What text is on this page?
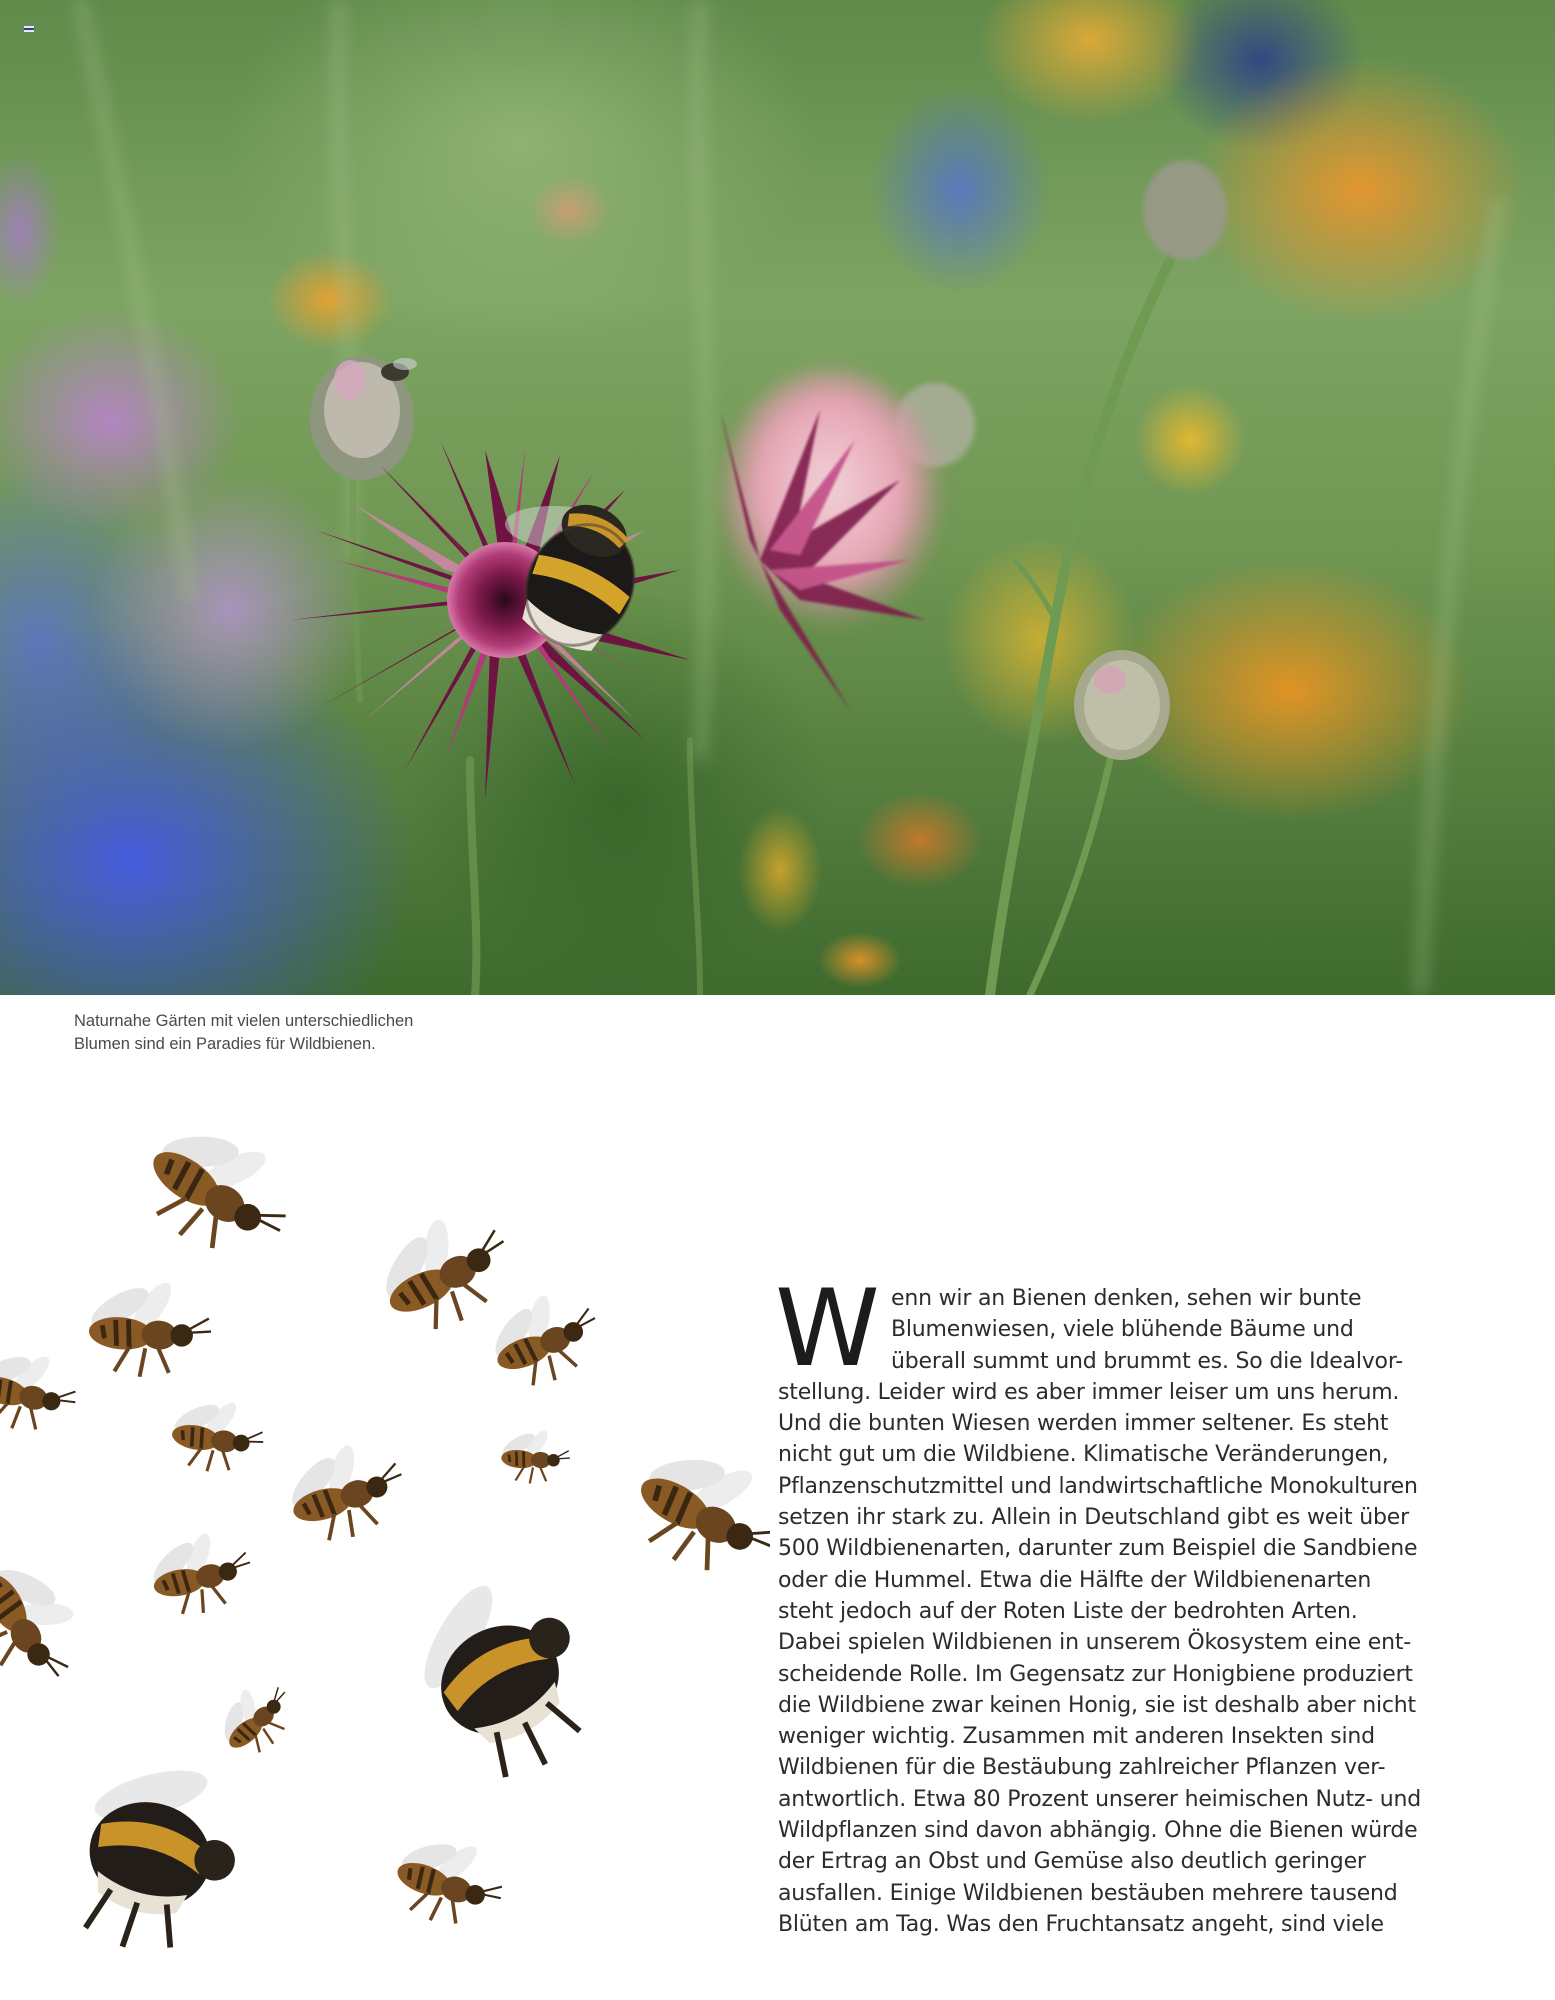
Naturnahe Gärten mit vielen unterschiedlichen
Blumen sind ein Paradies für Wildbienen.
W enn wir an Bienen denken, sehen wir bunte
Blumenwiesen, viele blühende Bäume und
überall summt und brummt es. So die Idealvor-
stellung. Leider wird es aber immer leiser um uns herum.
Und die bunten Wiesen werden immer seltener. Es steht
nicht gut um die Wildbiene. Klimatische Veränderungen,
Pflanzenschutzmittel und landwirtschaftliche Monokulturen
setzen ihr stark zu. Allein in Deutschland gibt es weit über
500 Wildbienenarten, darunter zum Beispiel die Sandbiene
oder die Hummel. Etwa die Hälfte der Wildbienenarten
steht jedoch auf der Roten Liste der bedrohten Arten.
Dabei spielen Wildbienen in unserem Ökosystem eine ent-
scheidende Rolle. Im Gegensatz zur Honigbiene produziert
die Wildbiene zwar keinen Honig, sie ist deshalb aber nicht
weniger wichtig. Zusammen mit anderen Insekten sind
Wildbienen für die Bestäubung zahlreicher Pflanzen ver-
antwortlich. Etwa 80 Prozent unserer heimischen Nutz- und
Wildpflanzen sind davon abhängig. Ohne die Bienen würde
der Ertrag an Obst und Gemüse also deutlich geringer
ausfallen. Einige Wildbienen bestäuben mehrere tausend
Blüten am Tag. Was den Fruchtansatz angeht, sind viele
